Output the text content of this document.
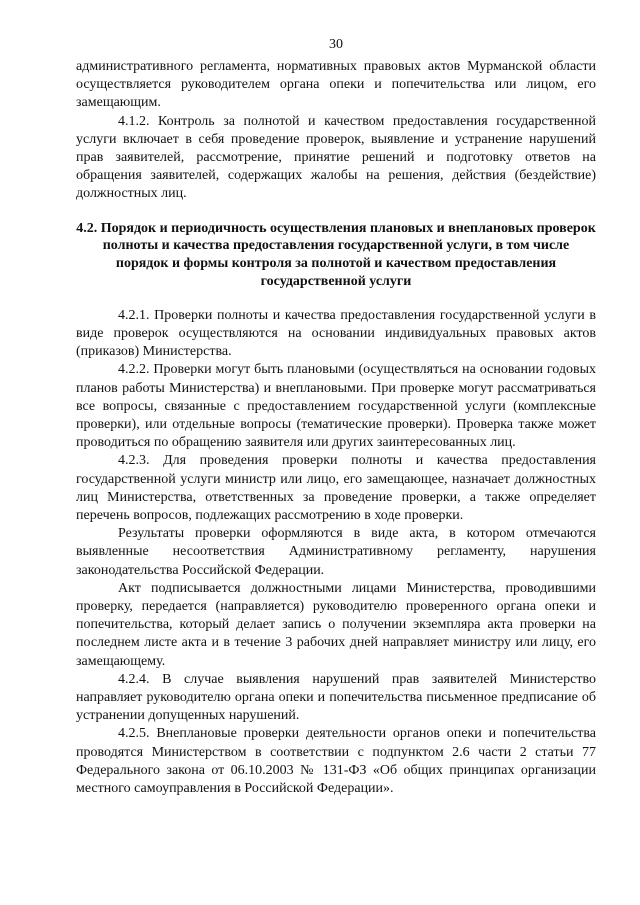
30

административного регламента, нормативных правовых актов Мурманской области осуществляется руководителем органа опеки и попечительства или лицом, его замещающим.

4.1.2. Контроль за полнотой и качеством предоставления государственной услуги включает в себя проведение проверок, выявление и устранение нарушений прав заявителей, рассмотрение, принятие решений и подготовку ответов на обращения заявителей, содержащих жалобы на решения, действия (бездействие) должностных лиц.

4.2. Порядок и периодичность осуществления плановых и внеплановых проверок полноты и качества предоставления государственной услуги, в том числе порядок и формы контроля за полнотой и качеством предоставления государственной услуги

4.2.1. Проверки полноты и качества предоставления государственной услуги в виде проверок осуществляются на основании индивидуальных правовых актов (приказов) Министерства.

4.2.2. Проверки могут быть плановыми (осуществляться на основании годовых планов работы Министерства) и внеплановыми. При проверке могут рассматриваться все вопросы, связанные с предоставлением государственной услуги (комплексные проверки), или отдельные вопросы (тематические проверки). Проверка также может проводиться по обращению заявителя или других заинтересованных лиц.

4.2.3. Для проведения проверки полноты и качества предоставления государственной услуги министр или лицо, его замещающее, назначает должностных лиц Министерства, ответственных за проведение проверки, а также определяет перечень вопросов, подлежащих рассмотрению в ходе проверки.

Результаты проверки оформляются в виде акта, в котором отмечаются выявленные несоответствия Административному регламенту, нарушения законодательства Российской Федерации.

Акт подписывается должностными лицами Министерства, проводившими проверку, передается (направляется) руководителю проверенного органа опеки и попечительства, который делает запись о получении экземпляра акта проверки на последнем листе акта и в течение 3 рабочих дней направляет министру или лицу, его замещающему.

4.2.4. В случае выявления нарушений прав заявителей Министерство направляет руководителю органа опеки и попечительства письменное предписание об устранении допущенных нарушений.

4.2.5. Внеплановые проверки деятельности органов опеки и попечительства проводятся Министерством в соответствии с подпунктом 2.6 части 2 статьи 77 Федерального закона от 06.10.2003 № 131-ФЗ «Об общих принципах организации местного самоуправления в Российской Федерации».
